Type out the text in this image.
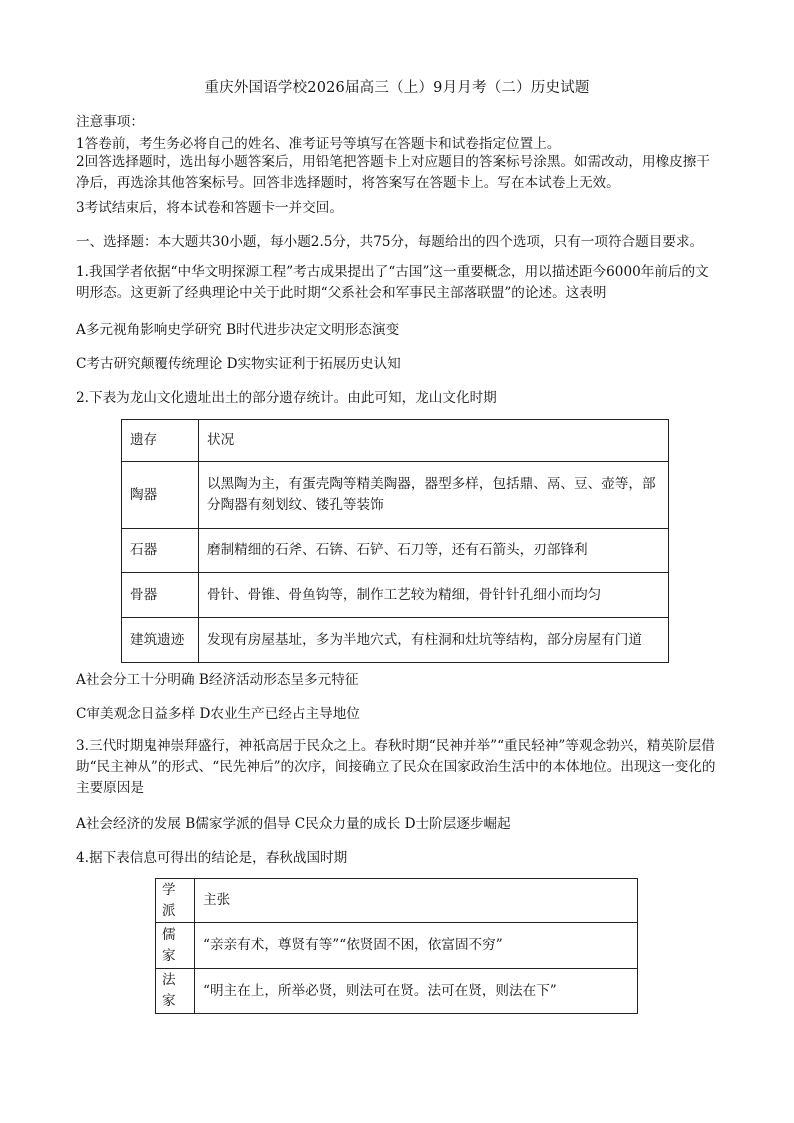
重庆外国语学校2026届高三（上）9月月考（二）历史试题
注意事项：
1答卷前，考生务必将自己的姓名、准考证号等填写在答题卡和试卷指定位置上。
2回答选择题时，选出每小题答案后，用铅笔把答题卡上对应题目的答案标号涂黑。如需改动，用橡皮擦干净后，再选涂其他答案标号。回答非选择题时，将答案写在答题卡上。写在本试卷上无效。
3考试结束后，将本试卷和答题卡一并交回。
一、选择题：本大题共30小题，每小题2.5分，共75分，每题给出的四个选项，只有一项符合题目要求。
1.我国学者依据“中华文明探源工程”考古成果提出了“古国”这一重要概念，用以描述距今6000年前后的文明形态。这更新了经典理论中关于此时期“父系社会和军事民主部落联盟”的论述。这表明
A多元视角影响史学研究 B时代进步决定文明形态演变
C考古研究颠覆传统理论 D实物实证利于拓展历史认知
2.下表为龙山文化遗址出土的部分遗存统计。由此可知，龙山文化时期
遗存	状况
陶器	以黑陶为主，有蛋壳陶等精美陶器，器型多样，包括鼎、鬲、豆、壶等，部分陶器有刻划纹、镂孔等装饰
石器	磨制精细的石斧、石锛、石铲、石刀等，还有石箭头，刃部锋利
骨器	骨针、骨锥、骨鱼钩等，制作工艺较为精细，骨针针孔细小而均匀
建筑遗迹	发现有房屋基址，多为半地穴式，有柱洞和灶坑等结构，部分房屋有门道
A社会分工十分明确 B经济活动形态呈多元特征
C审美观念日益多样 D农业生产已经占主导地位
3.三代时期鬼神崇拜盛行，神祇高居于民众之上。春秋时期“民神并举”“重民轻神”等观念勃兴，精英阶层借助“民主神从”的形式、“民先神后”的次序，间接确立了民众在国家政治生活中的本体地位。出现这一变化的主要原因是
A社会经济的发展 B儒家学派的倡导 C民众力量的成长 D士阶层逐步崛起
4.据下表信息可得出的结论是，春秋战国时期
学派	主张
儒家	“亲亲有术，尊贤有等”“依贤固不困，依富固不穷”
法家	“明主在上，所举必贤，则法可在贤。法可在贤，则法在下”
